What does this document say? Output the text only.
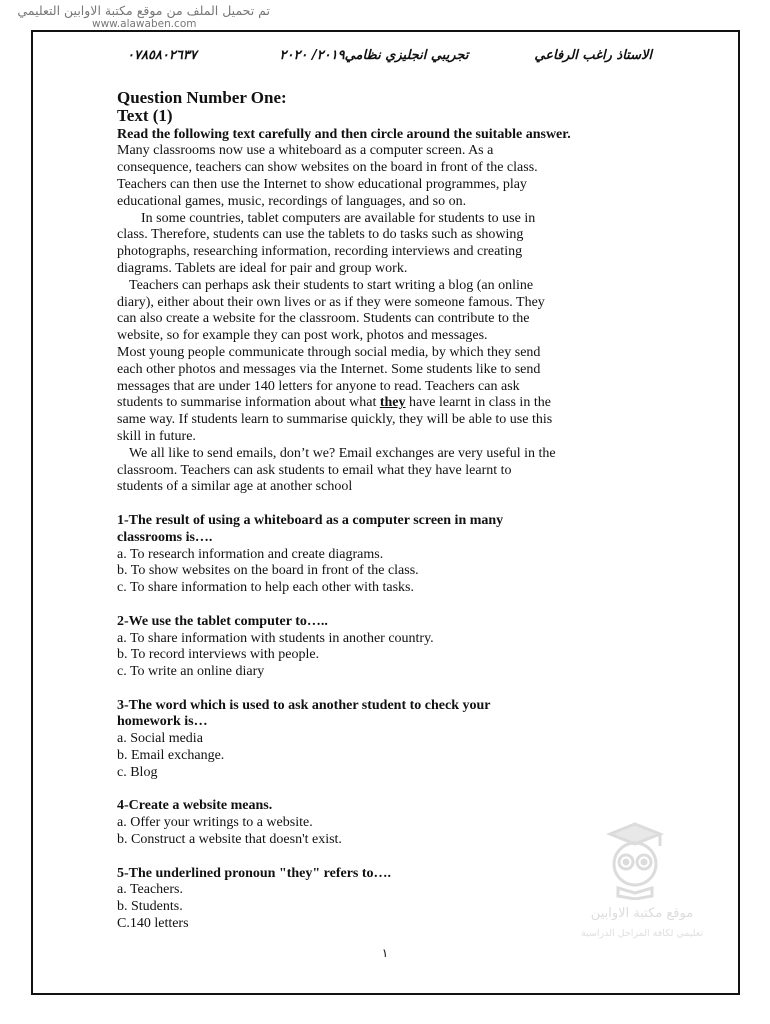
تم تحميل الملف من موقع مكتبة الاوابين التعليمي
www.alawaben.com
٠٧٨٥٨٠٢٦٣٧	تجريبي انجليزي نظامي٢٠١٩/ ٢٠٢٠	الاستاذ راغب الرفاعي
Question Number One:
Text (1)
Read the following text carefully and then circle around the suitable answer.
Many classrooms now use a whiteboard as a computer screen. As a
consequence, teachers can show websites on the board in front of the class.
Teachers can then use the Internet to show educational programmes, play
educational games, music, recordings of languages, and so on.
In some countries, tablet computers are available for students to use in
class. Therefore, students can use the tablets to do tasks such as showing
photographs, researching information, recording interviews and creating
diagrams. Tablets are ideal for pair and group work.
Teachers can perhaps ask their students to start writing a blog (an online
diary), either about their own lives or as if they were someone famous. They
can also create a website for the classroom. Students can contribute to the
website, so for example they can post work, photos and messages.
Most young people communicate through social media, by which they send
each other photos and messages via the Internet. Some students like to send
messages that are under 140 letters for anyone to read. Teachers can ask
students to summarise information about what they have learnt in class in the
same way. If students learn to summarise quickly, they will be able to use this
skill in future.
We all like to send emails, don’t we? Email exchanges are very useful in the
classroom. Teachers can ask students to email what they have learnt to
students of a similar age at another school
1-The result of using a whiteboard as a computer screen in many
classrooms is….
a. To research information and create diagrams.
b. To show websites on the board in front of the class.
c. To share information to help each other with tasks.
2-We use the tablet computer to…..
a. To share information with students in another country.
b. To record interviews with people.
c. To write an online diary
3-The word which is used to ask another student to check your
homework is…
a. Social media
b. Email exchange.
c. Blog
4-Create a website means.
a. Offer your writings to a website.
b. Construct a website that doesn't exist.
5-The underlined pronoun "they" refers to….
a. Teachers.
b. Students.
C.140 letters
موقع مكتبة الاوابين
تعليمي لكافة المراحل الدراسية
١
